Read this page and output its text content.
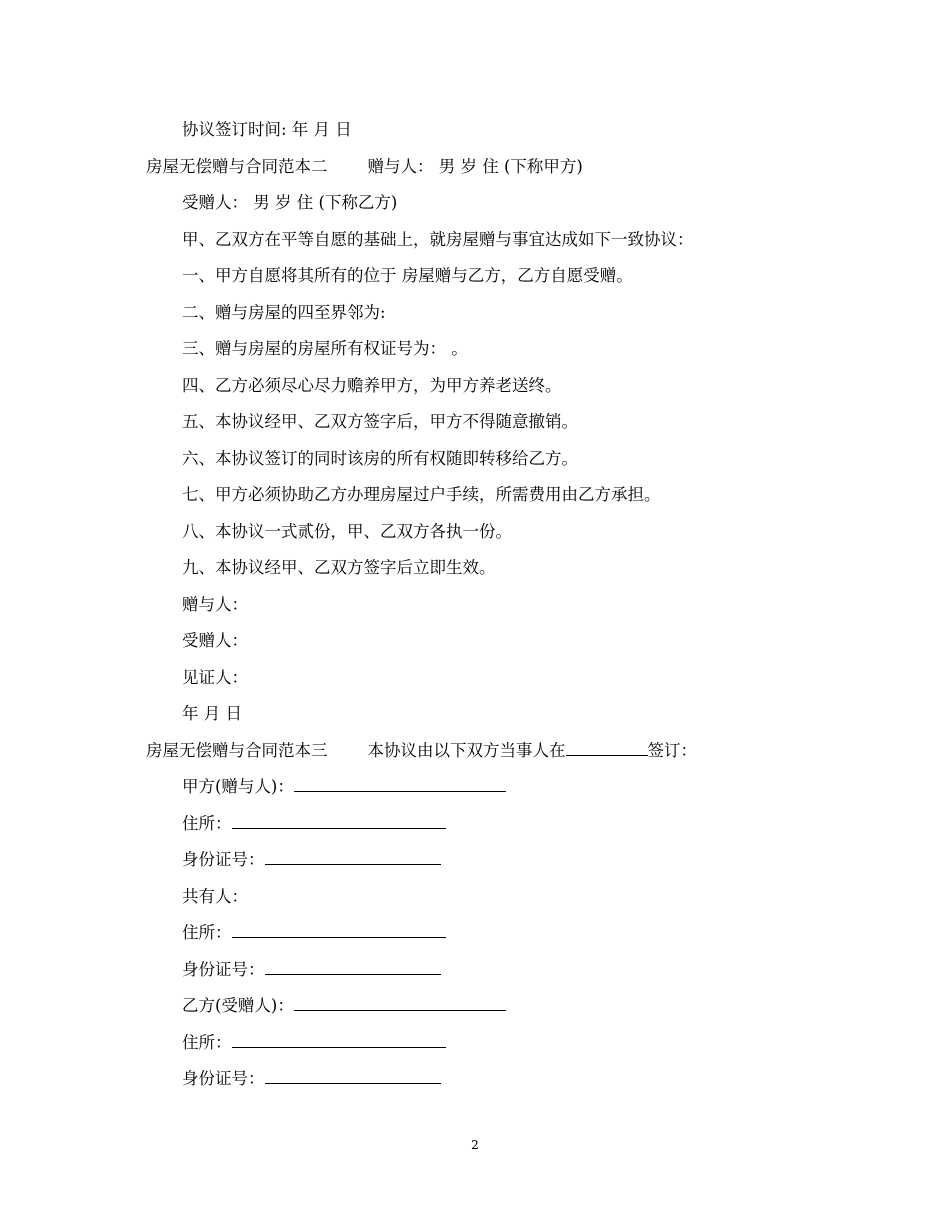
协议签订时间: 年 月 日
房屋无偿赠与合同范本二 赠与人： 男 岁 住 (下称甲方)
受赠人： 男 岁 住 (下称乙方)
甲、乙双方在平等自愿的基础上，就房屋赠与事宜达成如下一致协议：
一、甲方自愿将其所有的位于 房屋赠与乙方，乙方自愿受赠。
二、赠与房屋的四至界邻为:
三、赠与房屋的房屋所有权证号为： 。
四、乙方必须尽心尽力赡养甲方，为甲方养老送终。
五、本协议经甲、乙双方签字后，甲方不得随意撤销。
六、本协议签订的同时该房的所有权随即转移给乙方。
七、甲方必须协助乙方办理房屋过户手续，所需费用由乙方承担。
八、本协议一式贰份，甲、乙双方各执一份。
九、本协议经甲、乙双方签字后立即生效。
赠与人：
受赠人：
见证人：
年 月 日
房屋无偿赠与合同范本三 本协议由以下双方当事人在	签订：
甲方(赠与人)：
住所：
身份证号：
共有人：
住所：
身份证号：
乙方(受赠人)：
住所：
身份证号：
2
